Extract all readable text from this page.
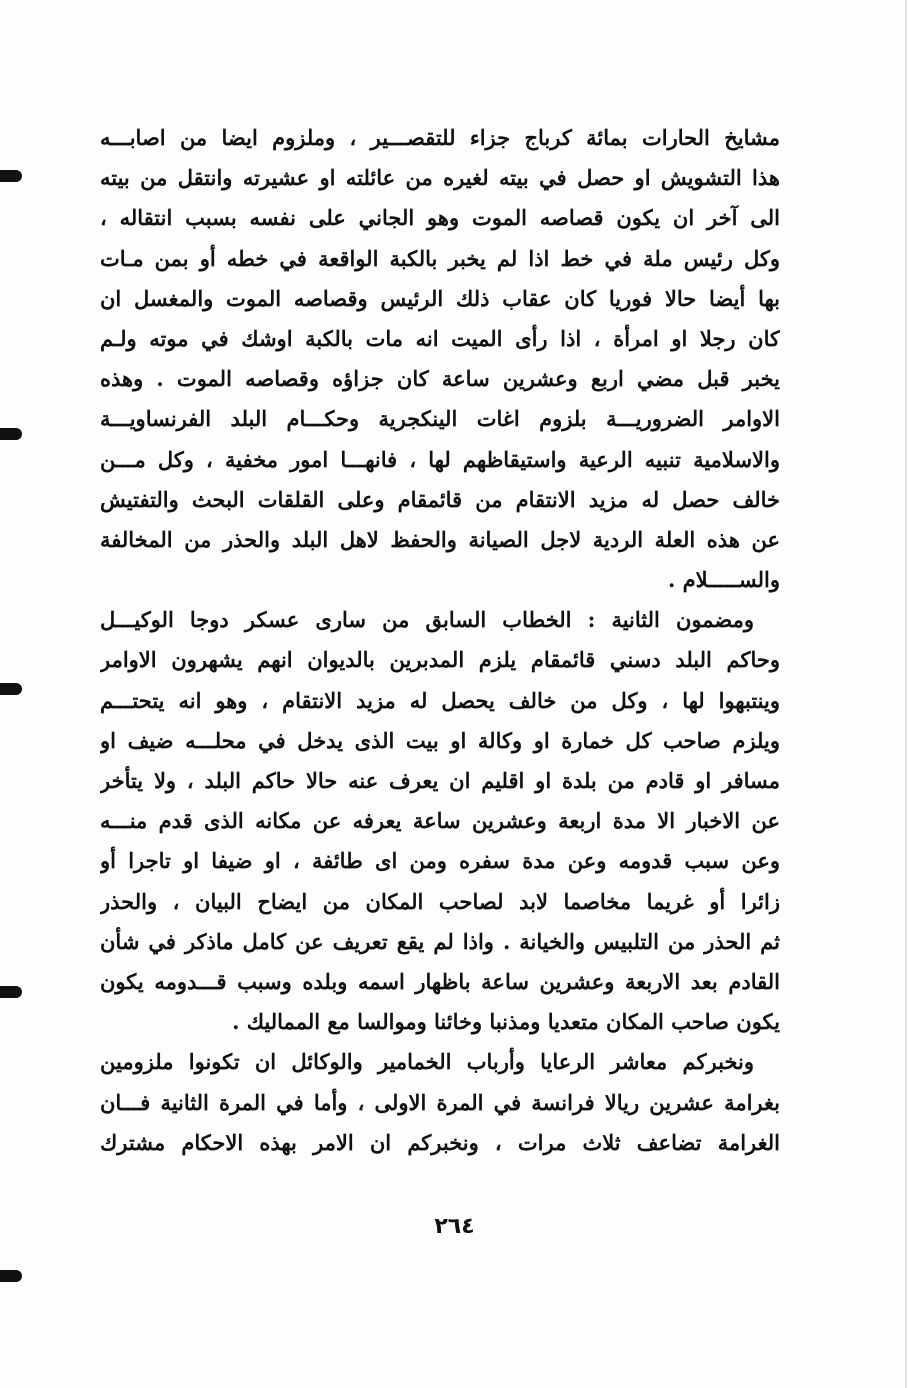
مشايخ الحارات بمائة كرباج جزاء للتقصـــير ، وملزوم ايضا من اصابـــه
هذا التشويش او حصل في بيته لغيره من عائلته او عشيرته وانتقل من بيته
الى آخر ان يكون قصاصه الموت وهو الجاني على نفسه بسبب انتقاله ،
وكل رئيس ملة في خط اذا لم يخبر بالكبة الواقعة في خطه أو بمن مـات
بها أيضا حالا فوريا كان عقاب ذلك الرئيس وقصاصه الموت والمغسل ان
كان رجلا او امرأة ، اذا رأى الميت انه مات بالكبة اوشك في موته ولـم
يخبر قبل مضي اربع وعشرين ساعة كان جزاؤه وقصاصه الموت . وهذه
الاوامر الضروريـــة بلزوم اغات الينكجرية وحكـــام البلد الفرنساويـــة
والاسلامية تنبيه الرعية واستيقاظهم لها ، فانهـــا امور مخفية ، وكل مـــن
خالف حصل له مزيد الانتقام من قائمقام وعلى القلقات البحث والتفتيش
عن هذه العلة الردية لاجل الصيانة والحفظ لاهل البلد والحذر من المخالفة
والســـــلام .
ومضمون الثانية : الخطاب السابق من سارى عسكر دوجا الوكيـــل
وحاكم البلد دسني قائمقام يلزم المدبرين بالديوان انهم يشهرون الاوامر
وينتبهوا لها ، وكل من خالف يحصل له مزيد الانتقام ، وهو انه يتحتـــم
ويلزم صاحب كل خمارة او وكالة او بيت الذى يدخل في محلـــه ضيف او
مسافر او قادم من بلدة او اقليم ان يعرف عنه حالا حاكم البلد ، ولا يتأخر
عن الاخبار الا مدة اربعة وعشرين ساعة يعرفه عن مكانه الذى قدم منـــه
وعن سبب قدومه وعن مدة سفره ومن اى طائفة ، او ضيفا او تاجرا أو
زائرا أو غريما مخاصما لابد لصاحب المكان من ايضاح البيان ، والحذر
ثم الحذر من التلبيس والخيانة . واذا لم يقع تعريف عن كامل ماذكر في شأن
القادم بعد الاربعة وعشرين ساعة باظهار اسمه وبلده وسبب قـــدومه يكون
يكون صاحب المكان متعديا ومذنبا وخائنا وموالسا مع المماليك .
ونخبركم معاشر الرعايا وأرباب الخمامير والوكائل ان تكونوا ملزومين
بغرامة عشرين ريالا فرانسة في المرة الاولى ، وأما في المرة الثانية فـــان
الغرامة تضاعف ثلاث مرات ، ونخبركم ان الامر بهذه الاحكام مشترك
٢٦٤
